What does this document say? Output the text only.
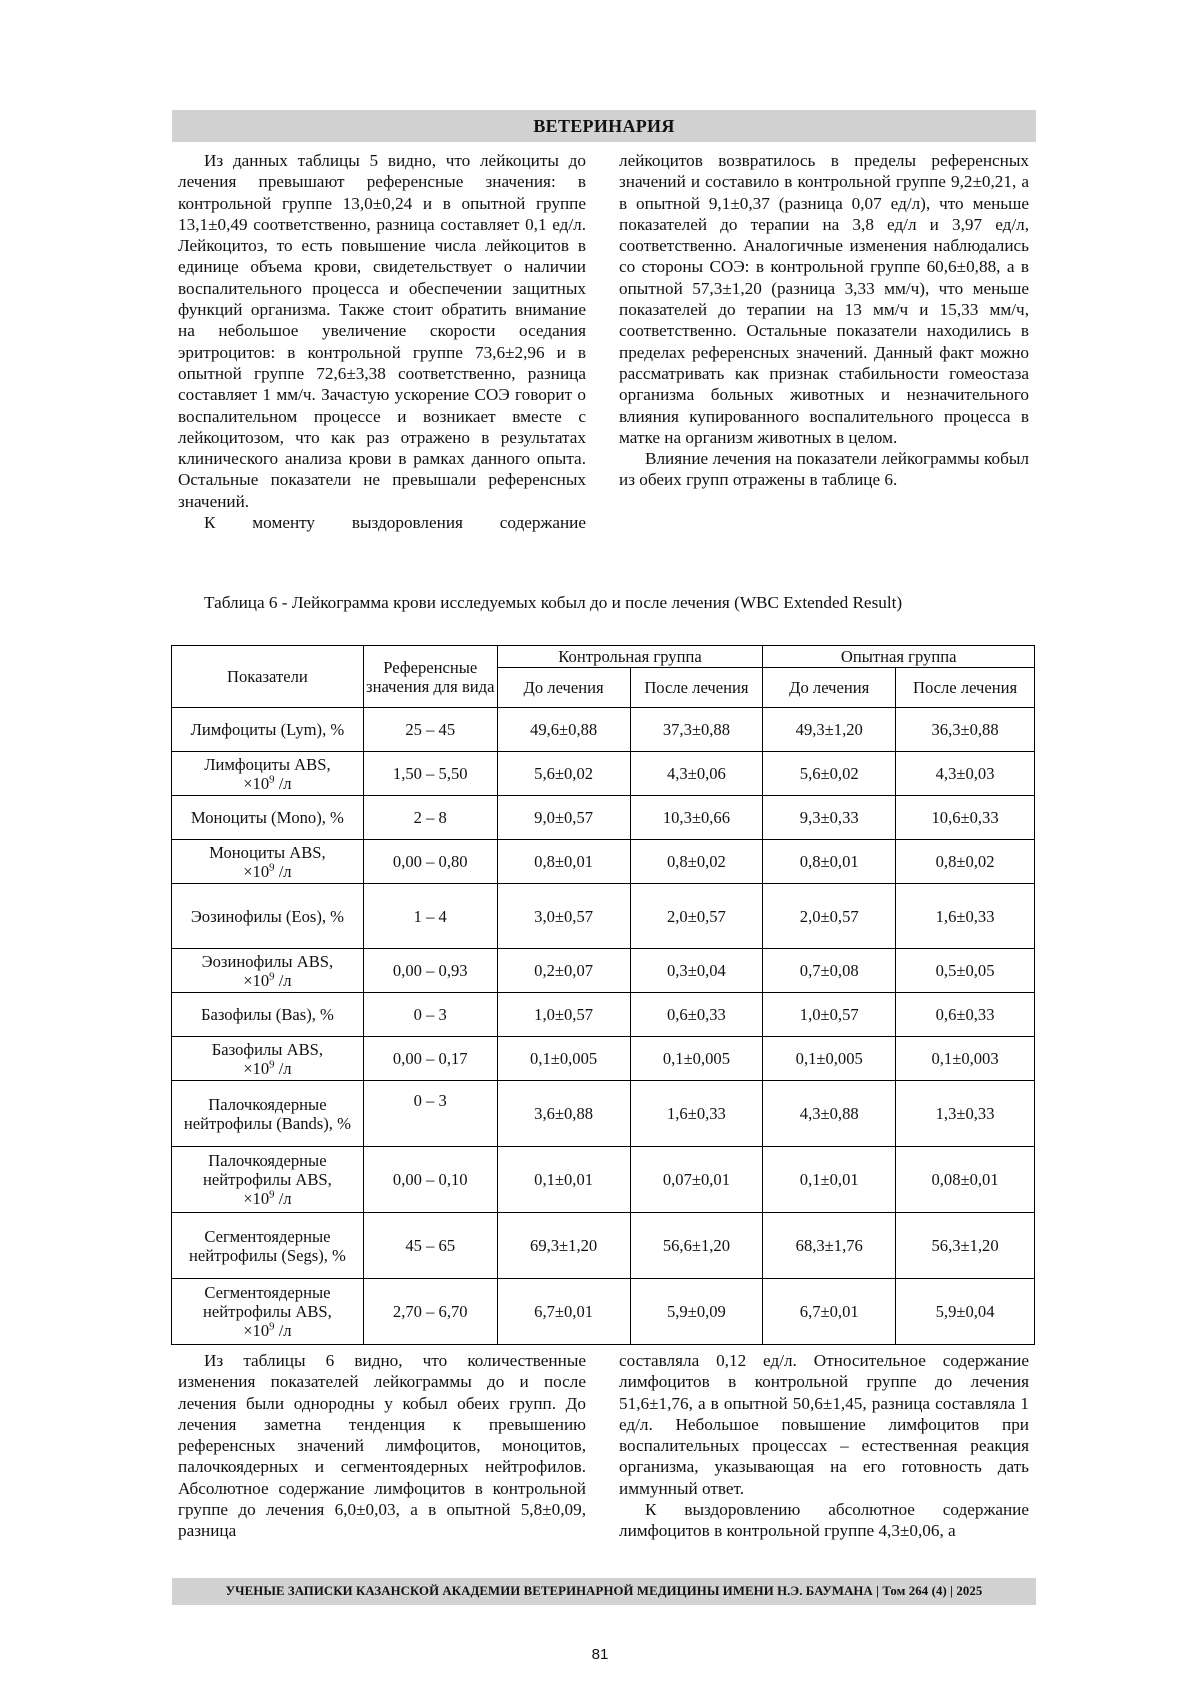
ВЕТЕРИНАРИЯ

Из данных таблицы 5 видно, что лейкоциты до лечения превышают референсные значения: в контрольной группе 13,0±0,24 и в опытной группе 13,1±0,49 соответственно, разница составляет 0,1 ед/л. Лейкоцитоз, то есть повышение числа лейкоцитов в единице объема крови, свидетельствует о наличии воспалительного процесса и обеспечении защитных функций организма. Также стоит обратить внимание на небольшое увеличение скорости оседания эритроцитов: в контрольной группе 73,6±2,96 и в опытной группе 72,6±3,38 соответственно, разница составляет 1 мм/ч. Зачастую ускорение СОЭ говорит о воспалительном процессе и возникает вместе с лейкоцитозом, что как раз отражено в результатах клинического анализа крови в рамках данного опыта. Остальные показатели не превышали референсных значений.

К моменту выздоровления содержание

лейкоцитов возвратилось в пределы референсных значений и составило в контрольной группе 9,2±0,21, а в опытной 9,1±0,37 (разница 0,07 ед/л), что меньше показателей до терапии на 3,8 ед/л и 3,97 ед/л, соответственно. Аналогичные изменения наблюдались со стороны СОЭ: в контрольной группе 60,6±0,88, а в опытной 57,3±1,20 (разница 3,33 мм/ч), что меньше показателей до терапии на 13 мм/ч и 15,33 мм/ч, соответственно. Остальные показатели находились в пределах референсных значений. Данный факт можно рассматривать как признак стабильности гомеостаза организма больных животных и незначительного влияния купированного воспалительного процесса в матке на организм животных в целом.

Влияние лечения на показатели лейкограммы кобыл из обеих групп отражены в таблице 6.

Таблица 6 - Лейкограмма крови исследуемых кобыл до и после лечения (WBC Extended Result)
Показатели	Референсные значения для вида	Контрольная группа		Опытная группа	
		До лечения	После лечения	До лечения	После лечения
Лимфоциты (Lym), %	25 – 45	49,6±0,88	37,3±0,88	49,3±1,20	36,3±0,88
Лимфоциты ABS,
$\times 10^9$ /л	1,50 – 5,50	5,6±0,02	4,3±0,06	5,6±0,02	4,3±0,03
Моноциты (Mono), %	2 – 8	9,0±0,57	10,3±0,66	9,3±0,33	10,6±0,33
Моноциты ABS,
$\times 10^9$ /л	0,00 – 0,80	0,8±0,01	0,8±0,02	0,8±0,01	0,8±0,02
Эозинофилы (Eos), %	1 – 4	3,0±0,57	2,0±0,57	2,0±0,57	1,6±0,33
Эозинофилы ABS,
$\times 10^9$ /л	0,00 – 0,93	0,2±0,07	0,3±0,04	0,7±0,08	0,5±0,05
Базофилы (Bas), %	0 – 3	1,0±0,57	0,6±0,33	1,0±0,57	0,6±0,33
Базофилы ABS,
$\times 10^9$ /л	0,00 – 0,17	0,1±0,005	0,1±0,005	0,1±0,005	0,1±0,003
Палочкоядерные нейтрофилы (Bands), %	0 – 3	3,6±0,88	1,6±0,33	4,3±0,88	1,3±0,33
Палочкоядерные нейтрофилы ABS,
$\times 10^9$ /л	0,00 – 0,10	0,1±0,01	0,07±0,01	0,1±0,01	0,08±0,01
Сегментоядерные нейтрофилы (Segs), %	45 – 65	69,3±1,20	56,6±1,20	68,3±1,76	56,3±1,20
Сегментоядерные нейтрофилы ABS,
$\times 10^9$ /л	2,70 – 6,70	6,7±0,01	5,9±0,09	6,7±0,01	5,9±0,04

Из таблицы 6 видно, что количественные изменения показателей лейкограммы до и после лечения были однородны у кобыл обеих групп. До лечения заметна тенденция к превышению референсных значений лимфоцитов, моноцитов, палочкоядерных и сегментоядерных нейтрофилов. Абсолютное содержание лимфоцитов в контрольной группе до лечения 6,0±0,03, а в опытной 5,8±0,09, разница

составляла 0,12 ед/л. Относительное содержание лимфоцитов в контрольной группе до лечения 51,6±1,76, а в опытной 50,6±1,45, разница составляла 1 ед/л. Небольшое повышение лимфоцитов при воспалительных процессах – естественная реакция организма, указывающая на его готовность дать иммунный ответ.

К выздоровлению абсолютное содержание лимфоцитов в контрольной группе 4,3±0,06, а

УЧЕНЫЕ ЗАПИСКИ КАЗАНСКОЙ АКАДЕМИИ ВЕТЕРИНАРНОЙ МЕДИЦИНЫ ИМЕНИ Н.Э. БАУМАНА | Том 264 (4) | 2025
81
